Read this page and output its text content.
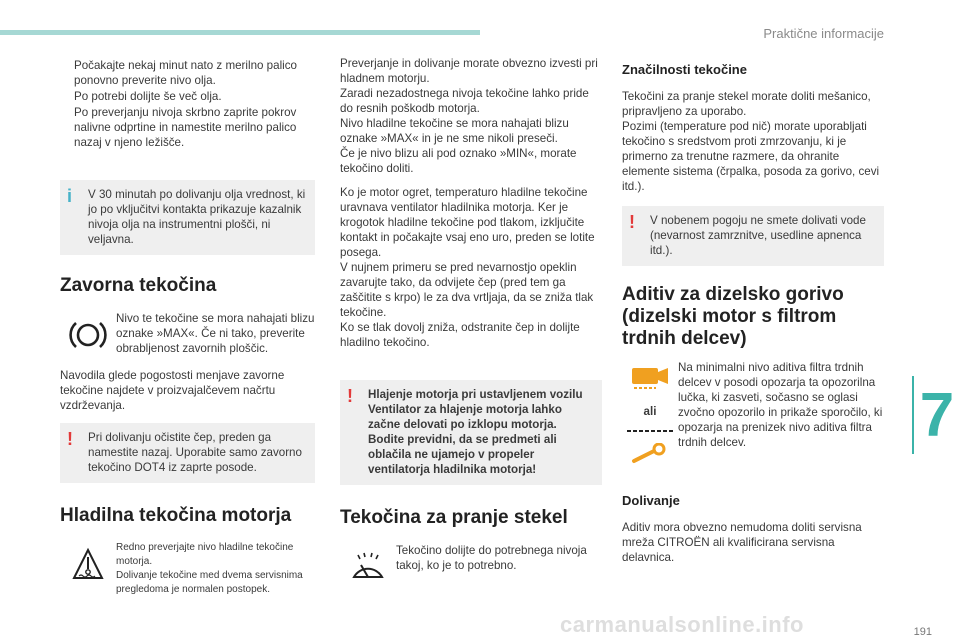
Praktične informacije
Počakajte nekaj minut nato z merilno palico ponovno preverite nivo olja.
Po potrebi dolijte še več olja.
Po preverjanju nivoja skrbno zaprite pokrov nalivne odprtine in namestite merilno palico nazaj v njeno ležišče.
i V 30 minutah po dolivanju olja vrednost, ki jo po vključitvi kontakta prikazuje kazalnik nivoja olja na instrumentni plošči, ni veljavna.
Zavorna tekočina
Nivo te tekočine se mora nahajati blizu oznake »MAX«. Če ni tako, preverite obrabljenost zavornih ploščic.

Navodila glede pogostosti menjave zavorne tekočine najdete v proizvajalčevem načrtu vzdrževanja.

! Pri dolivanju očistite čep, preden ga namestite nazaj. Uporabite samo zavorno tekočino DOT4 iz zaprte posode.
Hladilna tekočina motorja
Redno preverjajte nivo hladilne tekočine motorja.
Dolivanje tekočine med dvema servisnima pregledoma je normalen postopek.
Preverjanje in dolivanje morate obvezno izvesti pri hladnem motorju.
Zaradi nezadostnega nivoja tekočine lahko pride do resnih poškodb motorja.
Nivo hladilne tekočine se mora nahajati blizu oznake »MAX« in je ne sme nikoli preseči.
Če je nivo blizu ali pod oznako »MIN«, morate tekočino doliti.
Ko je motor ogret, temperaturo hladilne tekočine uravnava ventilator hladilnika motorja. Ker je krogotok hladilne tekočine pod tlakom, izključite kontakt in počakajte vsaj eno uro, preden se lotite posega.
V nujnem primeru se pred nevarnostjo opeklin zavarujte tako, da odvijete čep (pred tem ga zaščitite s krpo) le za dva vrtljaja, da se zniža tlak tekočine.
Ko se tlak dovolj zniža, odstranite čep in dolijte hladilno tekočino.
! Hlajenje motorja pri ustavljenem vozilu Ventilator za hlajenje motorja lahko začne delovati po izklopu motorja. Bodite previdni, da se predmeti ali oblačila ne ujamejo v propeler ventilatorja hladilnika motorja!
Tekočina za pranje stekel
Tekočino dolijte do potrebnega nivoja takoj, ko je to potrebno.
Značilnosti tekočine
Tekočini za pranje stekel morate doliti mešanico, pripravljeno za uporabo.
Pozimi (temperature pod nič) morate uporabljati tekočino s sredstvom proti zmrzovanju, ki je primerno za trenutne razmere, da ohranite elemente sistema (črpalka, posoda za gorivo, cevi itd.).
! V nobenem pogoju ne smete dolivati vode (nevarnost zamrznitve, usedline apnenca itd.).
Aditiv za dizelsko gorivo
(dizelski motor s filtrom
trdnih delcev)
ali
Na minimalni nivo aditiva filtra trdnih delcev v posodi opozarja ta opozorilna lučka, ki zasveti, sočasno se oglasi zvočno opozorilo in prikaže sporočilo, ki opozarja na prenizek nivo aditiva filtra trdnih delcev.
Dolivanje

Aditiv mora obvezno nemudoma doliti servisna mreža CITROËN ali kvalificirana servisna delavnica.

7
191
carmanualsonline.info
